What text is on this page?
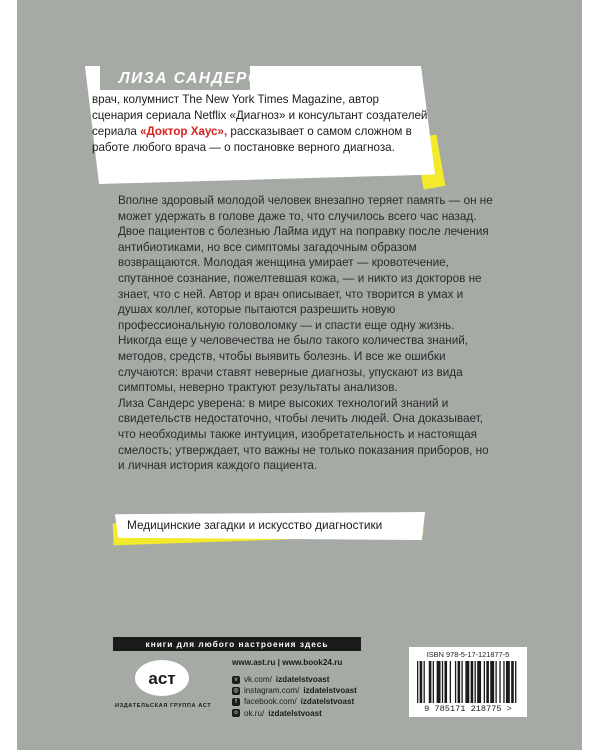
ЛИЗА САНДЕРС,
врач, колумнист The New York Times Magazine, автор сценария сериала Netflix «Диагноз» и консультант создателей сериала «Доктор Хаус», рассказывает о самом сложном в работе любого врача — о постановке верного диагноза.

Вполне здоровый молодой человек внезапно теряет память — он не может удержать в голове даже то, что случилось всего час назад. Двое пациентов с болезнью Лайма идут на поправку после лечения антибиотиками, но все симптомы загадочным образом возвращаются. Молодая женщина умирает — кровотечение, спутанное сознание, пожелтевшая кожа, — и никто из докторов не знает, что с ней. Автор и врач описывает, что творится в умах и душах коллег, которые пытаются разрешить новую профессиональную головоломку — и спасти еще одну жизнь.

Никогда еще у человечества не было такого количества знаний, методов, средств, чтобы выявить болезнь. И все же ошибки случаются: врачи ставят неверные диагнозы, упускают из вида симптомы, неверно трактуют результаты анализов.

Лиза Сандерс уверена: в мире высоких технологий знаний и свидетельств недостаточно, чтобы лечить людей. Она доказывает, что необходимы также интуиция, изобретательность и настоящая смелость; утверждает, что важны не только показания приборов, но и личная история каждого пациента.

Медицинские загадки и искусство диагностики
книги для любого настроения здесь
аст
ИЗДАТЕЛЬСКАЯ ГРУППА АСТ
www.ast.ru | www.book24.ru
v vk.com/ izdatelstvoast
◎ instagram.com/ izdatelstvoast
f facebook.com/ izdatelstvoast
o ok.ru/ izdatelstvoast
ISBN 978-5-17-121877-5
9 785171 218775 >
